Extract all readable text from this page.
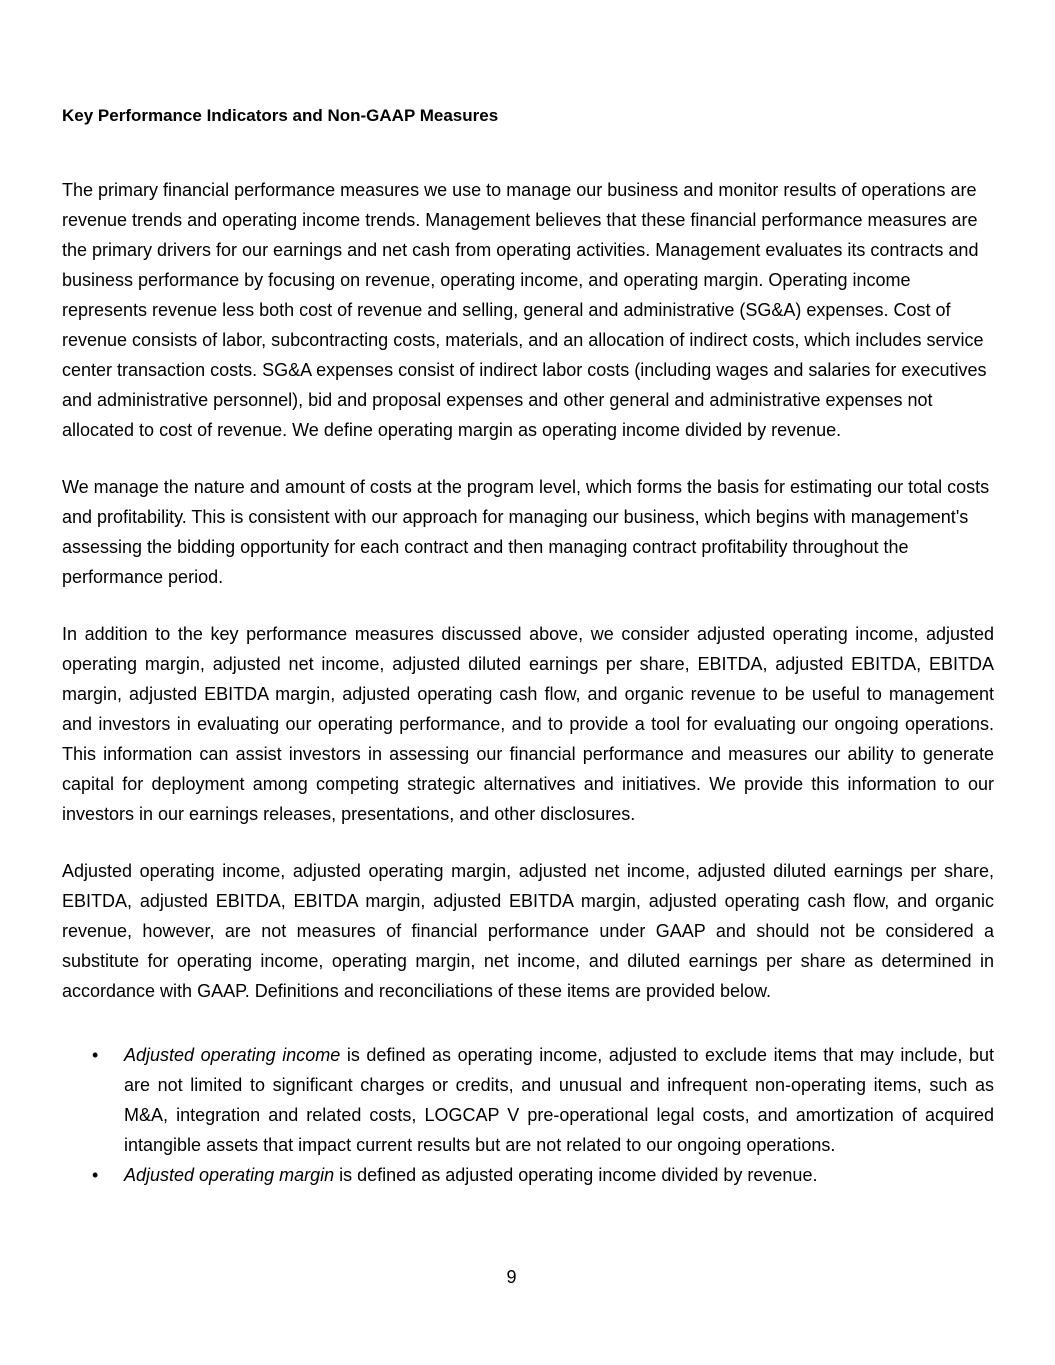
Key Performance Indicators and Non-GAAP Measures

The primary financial performance measures we use to manage our business and monitor results of operations are revenue trends and operating income trends. Management believes that these financial performance measures are the primary drivers for our earnings and net cash from operating activities. Management evaluates its contracts and business performance by focusing on revenue, operating income, and operating margin. Operating income represents revenue less both cost of revenue and selling, general and administrative (SG&A) expenses. Cost of revenue consists of labor, subcontracting costs, materials, and an allocation of indirect costs, which includes service center transaction costs. SG&A expenses consist of indirect labor costs (including wages and salaries for executives and administrative personnel), bid and proposal expenses and other general and administrative expenses not allocated to cost of revenue. We define operating margin as operating income divided by revenue.

We manage the nature and amount of costs at the program level, which forms the basis for estimating our total costs and profitability. This is consistent with our approach for managing our business, which begins with management's assessing the bidding opportunity for each contract and then managing contract profitability throughout the performance period.

In addition to the key performance measures discussed above, we consider adjusted operating income, adjusted operating margin, adjusted net income, adjusted diluted earnings per share, EBITDA, adjusted EBITDA, EBITDA margin, adjusted EBITDA margin, adjusted operating cash flow, and organic revenue to be useful to management and investors in evaluating our operating performance, and to provide a tool for evaluating our ongoing operations. This information can assist investors in assessing our financial performance and measures our ability to generate capital for deployment among competing strategic alternatives and initiatives. We provide this information to our investors in our earnings releases, presentations, and other disclosures.

Adjusted operating income, adjusted operating margin, adjusted net income, adjusted diluted earnings per share, EBITDA, adjusted EBITDA, EBITDA margin, adjusted EBITDA margin, adjusted operating cash flow, and organic revenue, however, are not measures of financial performance under GAAP and should not be considered a substitute for operating income, operating margin, net income, and diluted earnings per share as determined in accordance with GAAP. Definitions and reconciliations of these items are provided below.

• Adjusted operating income is defined as operating income, adjusted to exclude items that may include, but are not limited to significant charges or credits, and unusual and infrequent non-operating items, such as M&A, integration and related costs, LOGCAP V pre-operational legal costs, and amortization of acquired intangible assets that impact current results but are not related to our ongoing operations.
• Adjusted operating margin is defined as adjusted operating income divided by revenue.
9
